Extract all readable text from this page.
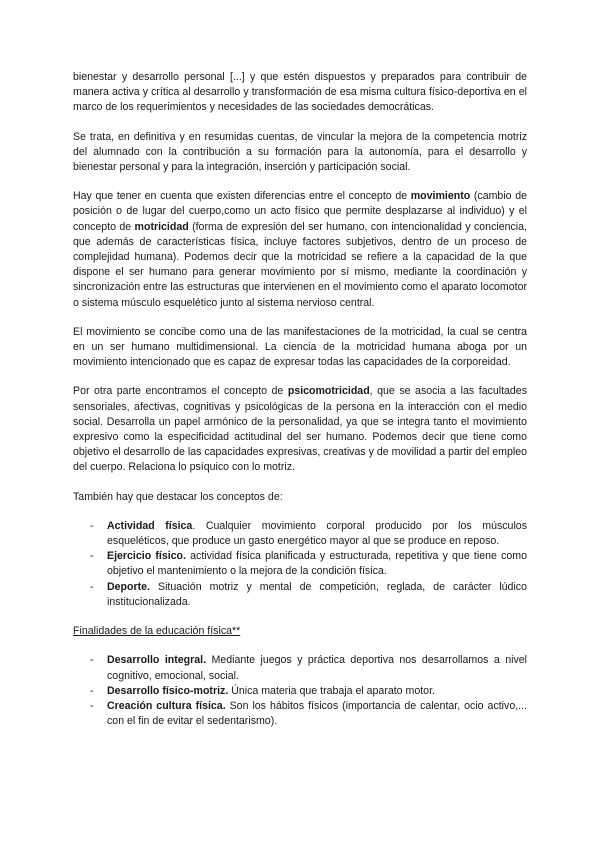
bienestar y desarrollo personal [...] y que estén dispuestos y preparados para contribuir de manera activa y crítica al desarrollo y transformación de esa misma cultura físico-deportiva en el marco de los requerimientos y necesidades de las sociedades democráticas.

Se trata, en definitiva y en resumidas cuentas, de vincular la mejora de la competencia motriz del alumnado con la contribución a su formación para la autonomía, para el desarrollo y bienestar personal y para la integración, inserción y participación social.

Hay que tener en cuenta que existen diferencias entre el concepto de movimiento (cambio de posición o de lugar del cuerpo,como un acto físico que permite desplazarse al individuo) y el concepto de motricidad (forma de expresión del ser humano, con intencionalidad y conciencia, que además de características física, incluye factores subjetivos, dentro de un proceso de complejidad humana). Podemos decir que la motricidad se refiere a la capacidad de la que dispone el ser humano para generar movimiento por sí mismo, mediante la coordinación y sincronización entre las estructuras que intervienen en el movimiento como el aparato locomotor o sistema músculo esquelético junto al sistema nervioso central.

El movimiento se concibe como una de las manifestaciones de la motricidad, la cual se centra en un ser humano multidimensional. La ciencia de la motricidad humana aboga por un movimiento intencionado que es capaz de expresar todas las capacidades de la corporeidad.

Por otra parte encontramos el concepto de psicomotricidad, que se asocia a las facultades sensoriales, afectivas, cognitivas y psicológicas de la persona en la interacción con el medio social. Desarrolla un papel armónico de la personalidad, ya que se integra tanto el movimiento expresivo como la especificidad actitudinal del ser humano. Podemos decir que tiene como objetivo el desarrollo de las capacidades expresivas, creativas y de movilidad a partir del empleo del cuerpo. Relaciona lo psíquico con lo motriz.

También hay que destacar los conceptos de:

- Actividad física. Cualquier movimiento corporal producido por los músculos esqueléticos, que produce un gasto energético mayor al que se produce en reposo.
- Ejercicio físico. actividad física planificada y estructurada, repetitiva y que tiene como objetivo el mantenimiento o la mejora de la condición física.
- Deporte. Situación motriz y mental de competición, reglada, de carácter lúdico institucionalizada.
Finalidades de la educación física**
- Desarrollo integral. Mediante juegos y práctica deportiva nos desarrollamos a nivel cognitivo, emocional, social.
- Desarrollo físico-motriz. Única materia que trabaja el aparato motor.
- Creación cultura física. Son los hábitos físicos (importancia de calentar, ocio activo,... con el fin de evitar el sedentarismo).
